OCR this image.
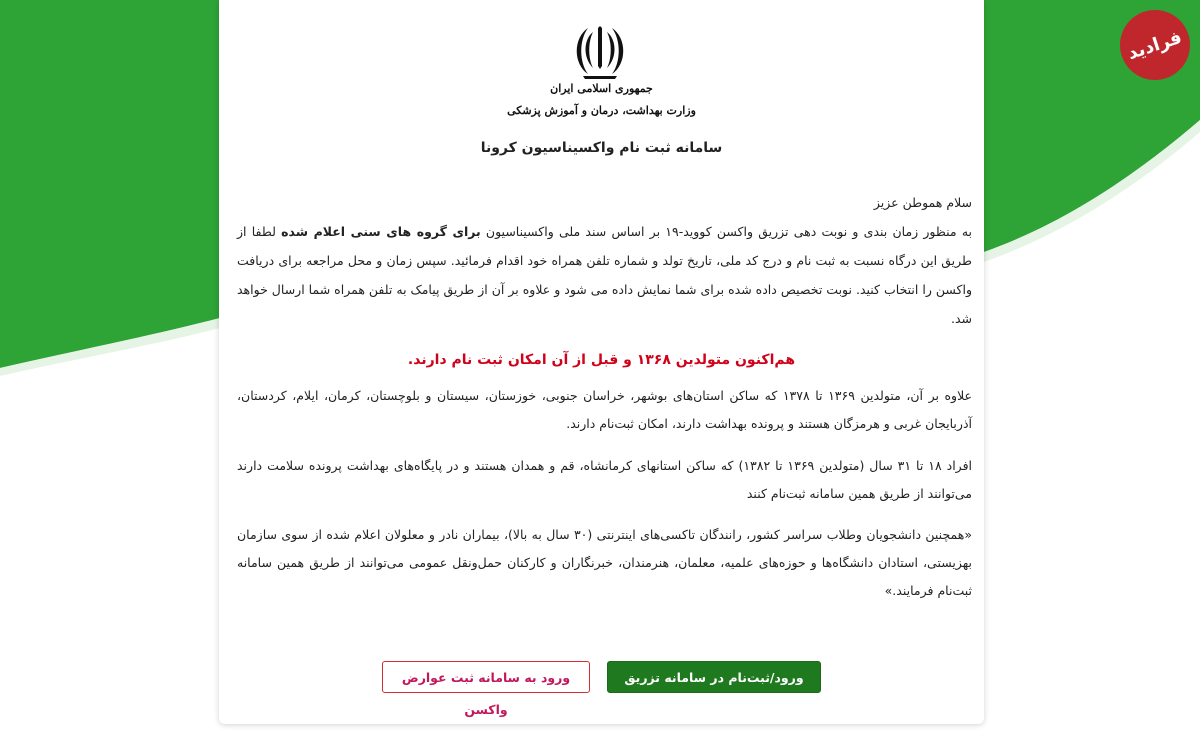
فرادید
جمهوری اسلامی ایران
وزارت بهداشت، درمان و آموزش پزشکی
سامانه ثبت نام واکسیناسیون کرونا
سلام هموطن عزیز
به منظور زمان بندی و نوبت دهی تزریق واکسن کووید-۱۹ بر اساس سند ملی واکسیناسیون برای گروه های سنی اعلام شده لطفا از طریق این درگاه نسبت به ثبت نام و درج کد ملی، تاریخ تولد و شماره تلفن همراه خود اقدام فرمائید. سپس زمان و محل مراجعه برای دریافت واکسن را انتخاب کنید. نوبت تخصیص داده شده برای شما نمایش داده می شود و علاوه بر آن از طریق پیامک به تلفن همراه شما ارسال خواهد شد.
هم‌اکنون متولدین ۱۳۶۸ و قبل از آن امکان ثبت نام دارند.
علاوه بر آن، متولدین ۱۳۶۹ تا ۱۳۷۸ که ساکن استان‌های بوشهر، خراسان جنوبی، خوزستان، سیستان و بلوچستان، کرمان، ایلام، کردستان، آذربایجان غربی و هرمزگان هستند و پرونده بهداشت دارند، امکان ثبت‌نام دارند.
افراد ۱۸ تا ۳۱ سال (متولدین ۱۳۶۹ تا ۱۳۸۲) که ساکن استانهای کرمانشاه، قم و همدان هستند و در پایگاه‌های بهداشت پرونده سلامت دارند می‌توانند از طریق همین سامانه ثبت‌نام کنند
«همچنین دانشجویان وطلاب سراسر کشور، رانندگان تاکسی‌های اینترنتی (۳۰ سال به بالا)، بیماران نادر و معلولان اعلام شده از سوی سازمان بهزیستی، استادان دانشگاه‌ها و حوزه‌های علمیه، معلمان، هنرمندان، خبرنگاران و کارکنان حمل‌ونقل عمومی می‌توانند از طریق همین سامانه ثبت‌نام فرمایند.»
ورود/ثبت‌نام در سامانه تزریق واکسن
ورود به سامانه ثبت عوارض واکسن
